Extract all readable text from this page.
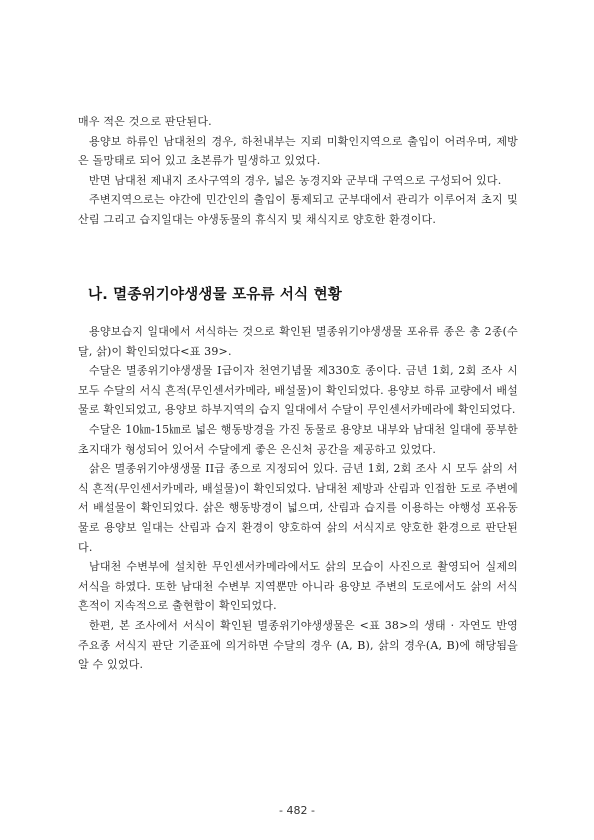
매우 적은 것으로 판단된다.

용양보 하류인 남대천의 경우, 하천내부는 지뢰 미확인지역으로 출입이 어려우며, 제방은 돌망태로 되어 있고 초본류가 밀생하고 있었다.

반면 남대천 제내지 조사구역의 경우, 넓은 농경지와 군부대 구역으로 구성되어 있다.

주변지역으로는 야간에 민간인의 출입이 통제되고 군부대에서 관리가 이루어져 초지 및 산림 그리고 습지일대는 야생동물의 휴식지 및 채식지로 양호한 환경이다.

나. 멸종위기야생생물 포유류 서식 현황

용양보습지 일대에서 서식하는 것으로 확인된 멸종위기야생생물 포유류 종은 총 2종(수달, 삵)이 확인되었다<표 39>.

수달은 멸종위기야생생물 I급이자 천연기념물 제330호 종이다. 금년 1회, 2회 조사 시 모두 수달의 서식 흔적(무인센서카메라, 배설물)이 확인되었다. 용양보 하류 교량에서 배설물로 확인되었고, 용양보 하부지역의 습지 일대에서 수달이 무인센서카메라에 확인되었다.

수달은 10㎞-15㎞로 넓은 행동방경을 가진 동물로 용양보 내부와 남대천 일대에 풍부한 초지대가 형성되어 있어서 수달에게 좋은 은신처 공간을 제공하고 있었다.

삵은 멸종위기야생생물 II급 종으로 지정되어 있다. 금년 1회, 2회 조사 시 모두 삵의 서식 흔적(무인센서카메라, 배설물)이 확인되었다. 남대천 제방과 산림과 인접한 도로 주변에서 배설물이 확인되었다. 삵은 행동방경이 넓으며, 산림과 습지를 이용하는 야행성 포유동물로 용양보 일대는 산림과 습지 환경이 양호하여 삵의 서식지로 양호한 환경으로 판단된다.

남대천 수변부에 설치한 무인센서카메라에서도 삵의 모습이 사진으로 촬영되어 실제의 서식을 하였다. 또한 남대천 수변부 지역뿐만 아니라 용양보 주변의 도로에서도 삵의 서식 흔적이 지속적으로 출현함이 확인되었다.

한편, 본 조사에서 서식이 확인된 멸종위기야생생물은 <표 38>의 생태 · 자연도 반영 주요종 서식지 판단 기준표에 의거하면 수달의 경우 (A, B), 삵의 경우(A, B)에 해당됨을 알 수 있었다.

- 482 -
